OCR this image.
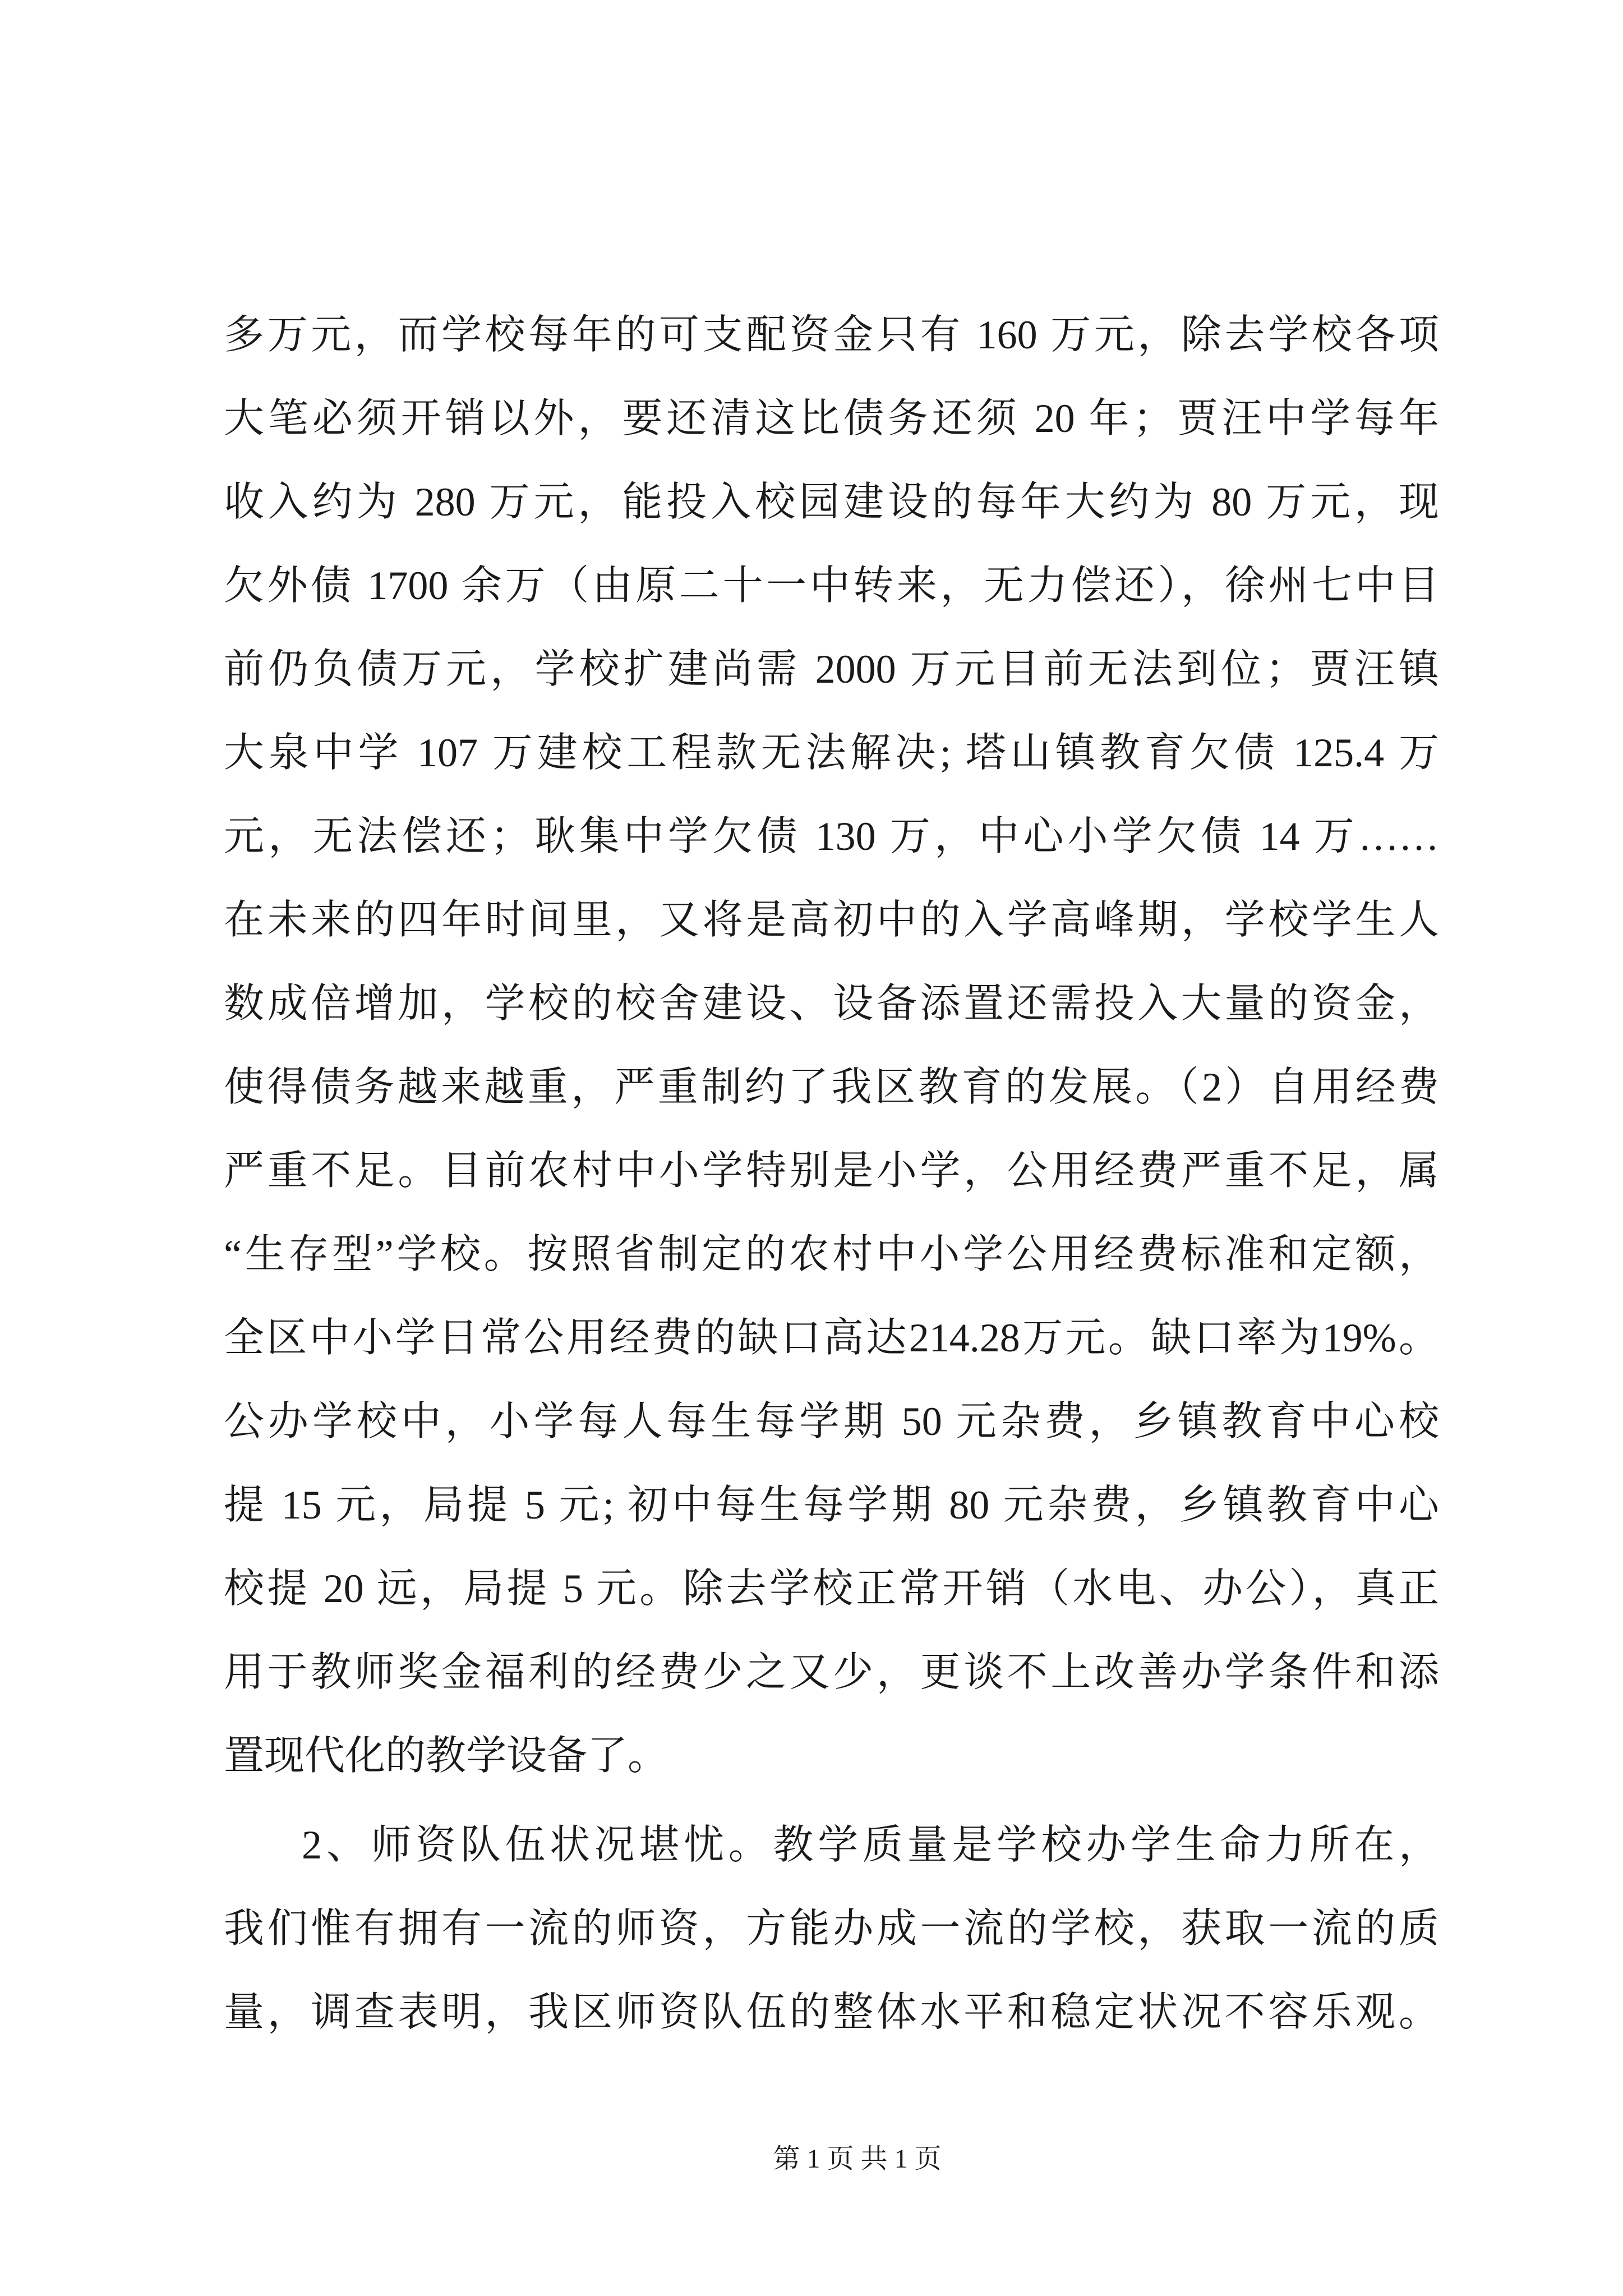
多万元，而学校每年的可支配资金只有 160 万元，除去学校各项
大笔必须开销以外，要还清这比债务还须 20 年；贾汪中学每年
收入约为 280 万元，能投入校园建设的每年大约为 80 万元，现
欠外债 1700 余万（由原二十一中转来，无力偿还），徐州七中目
前仍负债万元，学校扩建尚需 2000 万元目前无法到位；贾汪镇
大泉中学 107 万建校工程款无法解决; 塔山镇教育欠债 125.4 万
元，无法偿还；耿集中学欠债 130 万，中心小学欠债 14 万……
在未来的四年时间里，又将是高初中的入学高峰期，学校学生人
数成倍增加，学校的校舍建设、设备添置还需投入大量的资金，
使得债务越来越重，严重制约了我区教育的发展。（2）自用经费
严重不足。目前农村中小学特别是小学，公用经费严重不足，属
“生存型”学校。按照省制定的农村中小学公用经费标准和定额，
全区中小学日常公用经费的缺口高达214.28万元。缺口率为19%。
公办学校中，小学每人每生每学期 50 元杂费，乡镇教育中心校
提 15 元，局提 5 元; 初中每生每学期 80 元杂费，乡镇教育中心
校提 20 远，局提 5 元。除去学校正常开销（水电、办公），真正
用于教师奖金福利的经费少之又少，更谈不上改善办学条件和添
置现代化的教学设备了。
2、师资队伍状况堪忧。教学质量是学校办学生命力所在，
我们惟有拥有一流的师资，方能办成一流的学校，获取一流的质
量，调查表明，我区师资队伍的整体水平和稳定状况不容乐观。
第 1 页 共 1 页
